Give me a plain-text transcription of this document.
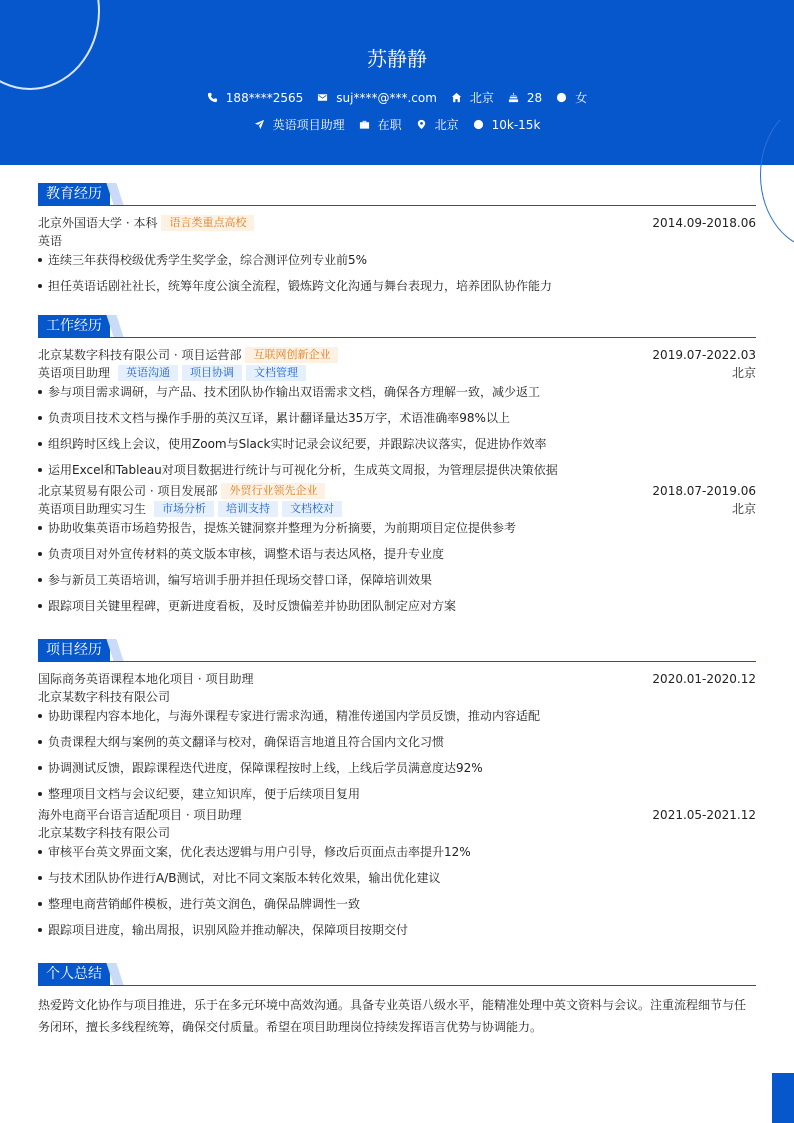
苏静静
188****2565	suj****@***.com	北京	28	女
英语项目助理	在职	北京	10k-15k
教育经历
北京外国语大学 · 本科 语言类重点高校	2014.09-2018.06
英语
连续三年获得校级优秀学生奖学金，综合测评位列专业前5%
担任英语话剧社社长，统筹年度公演全流程，锻炼跨文化沟通与舞台表现力，培养团队协作能力
工作经历
北京某数字科技有限公司 · 项目运营部 互联网创新企业	2019.07-2022.03
英语项目助理 英语沟通 项目协调 文档管理	北京
参与项目需求调研，与产品、技术团队协作输出双语需求文档，确保各方理解一致，减少返工
负责项目技术文档与操作手册的英汉互译，累计翻译量达35万字，术语准确率98%以上
组织跨时区线上会议，使用Zoom与Slack实时记录会议纪要，并跟踪决议落实，促进协作效率
运用Excel和Tableau对项目数据进行统计与可视化分析，生成英文周报，为管理层提供决策依据
北京某贸易有限公司 · 项目发展部 外贸行业领先企业	2018.07-2019.06
英语项目助理实习生 市场分析 培训支持 文档校对	北京
协助收集英语市场趋势报告，提炼关键洞察并整理为分析摘要，为前期项目定位提供参考
负责项目对外宣传材料的英文版本审核，调整术语与表达风格，提升专业度
参与新员工英语培训，编写培训手册并担任现场交替口译，保障培训效果
跟踪项目关键里程碑，更新进度看板，及时反馈偏差并协助团队制定应对方案
项目经历
国际商务英语课程本地化项目 · 项目助理	2020.01-2020.12
北京某数字科技有限公司
协助课程内容本地化，与海外课程专家进行需求沟通，精准传递国内学员反馈，推动内容适配
负责课程大纲与案例的英文翻译与校对，确保语言地道且符合国内文化习惯
协调测试反馈，跟踪课程迭代进度，保障课程按时上线，上线后学员满意度达92%
整理项目文档与会议纪要，建立知识库，便于后续项目复用
海外电商平台语言适配项目 · 项目助理	2021.05-2021.12
北京某数字科技有限公司
审核平台英文界面文案，优化表达逻辑与用户引导，修改后页面点击率提升12%
与技术团队协作进行A/B测试，对比不同文案版本转化效果，输出优化建议
整理电商营销邮件模板，进行英文润色，确保品牌调性一致
跟踪项目进度，输出周报，识别风险并推动解决，保障项目按期交付
个人总结
热爱跨文化协作与项目推进，乐于在多元环境中高效沟通。具备专业英语八级水平，能精准处理中英文资料与会议。注重流程细节与任务闭环，擅长多线程统筹，确保交付质量。希望在项目助理岗位持续发挥语言优势与协调能力。
